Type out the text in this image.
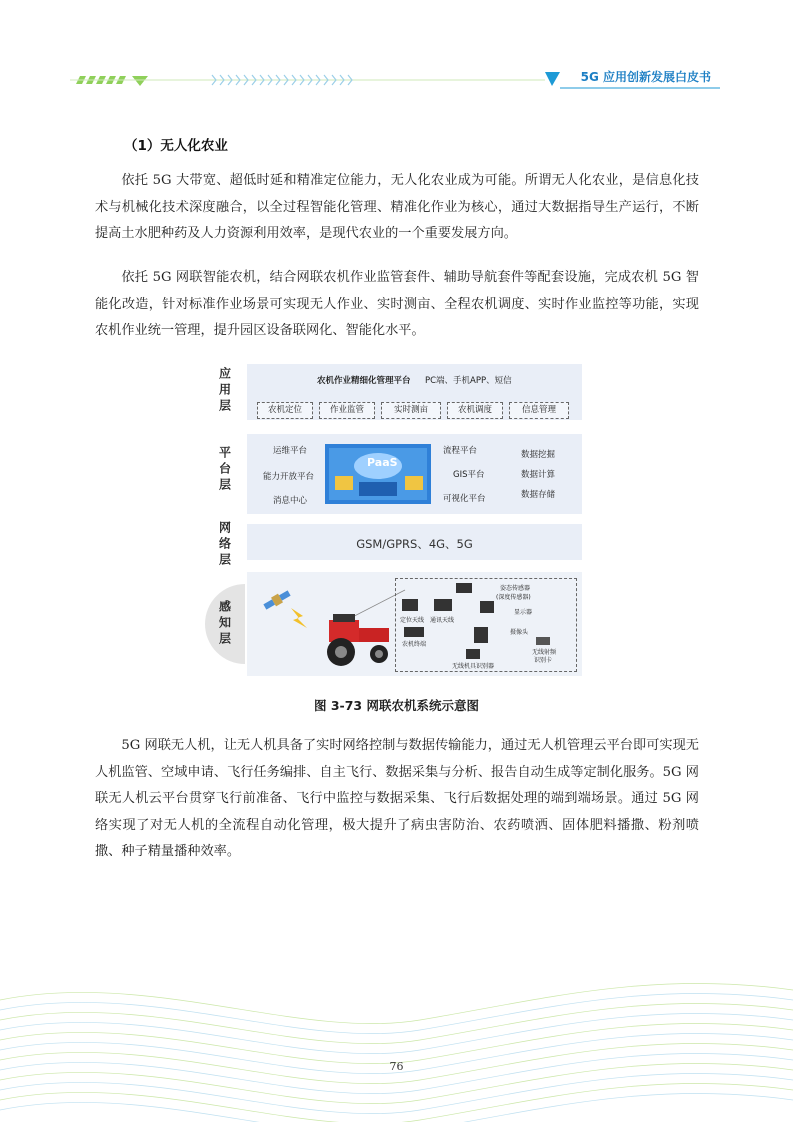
5G 应用创新发展白皮书
（1）无人化农业

依托 5G 大带宽、超低时延和精准定位能力，无人化农业成为可能。所谓无人化农业，是信息化技术与机械化技术深度融合，以全过程智能化管理、精准化作业为核心，通过大数据指导生产运行，不断提高土水肥种药及人力资源利用效率，是现代农业的一个重要发展方向。

依托 5G 网联智能农机，结合网联农机作业监管套件、辅助导航套件等配套设施，完成农机 5G 智能化改造，针对标准作业场景可实现无人作业、实时测亩、全程农机调度、实时作业监控等功能，实现农机作业统一管理，提升园区设备联网化、智能化水平。

应用层	农机作业精细化管理平台 PC端、手机APP、短信
农机定位	作业监管	实时测亩	农机调度	信息管理
平台层	运维平台
能力开放平台
消息中心
PaaS
流程平台
GIS平台
可视化平台
数据挖掘
数据计算
数据存储
网络层	GSM/GPRS、4G、5G
感知层
姿态传感器
(深度传感器)
定位天线 通讯天线
显示器
摄像头
农机终端
无线机具识别器
无线射频
识别卡
图 3-73 网联农机系统示意图

5G 网联无人机，让无人机具备了实时网络控制与数据传输能力，通过无人机管理云平台即可实现无人机监管、空域申请、飞行任务编排、自主飞行、数据采集与分析、报告自动生成等定制化服务。5G 网联无人机云平台贯穿飞行前准备、飞行中监控与数据采集、飞行后数据处理的端到端场景。通过 5G 网络实现了对无人机的全流程自动化管理，极大提升了病虫害防治、农药喷洒、固体肥料播撒、粉剂喷撒、种子精量播种效率。

76
